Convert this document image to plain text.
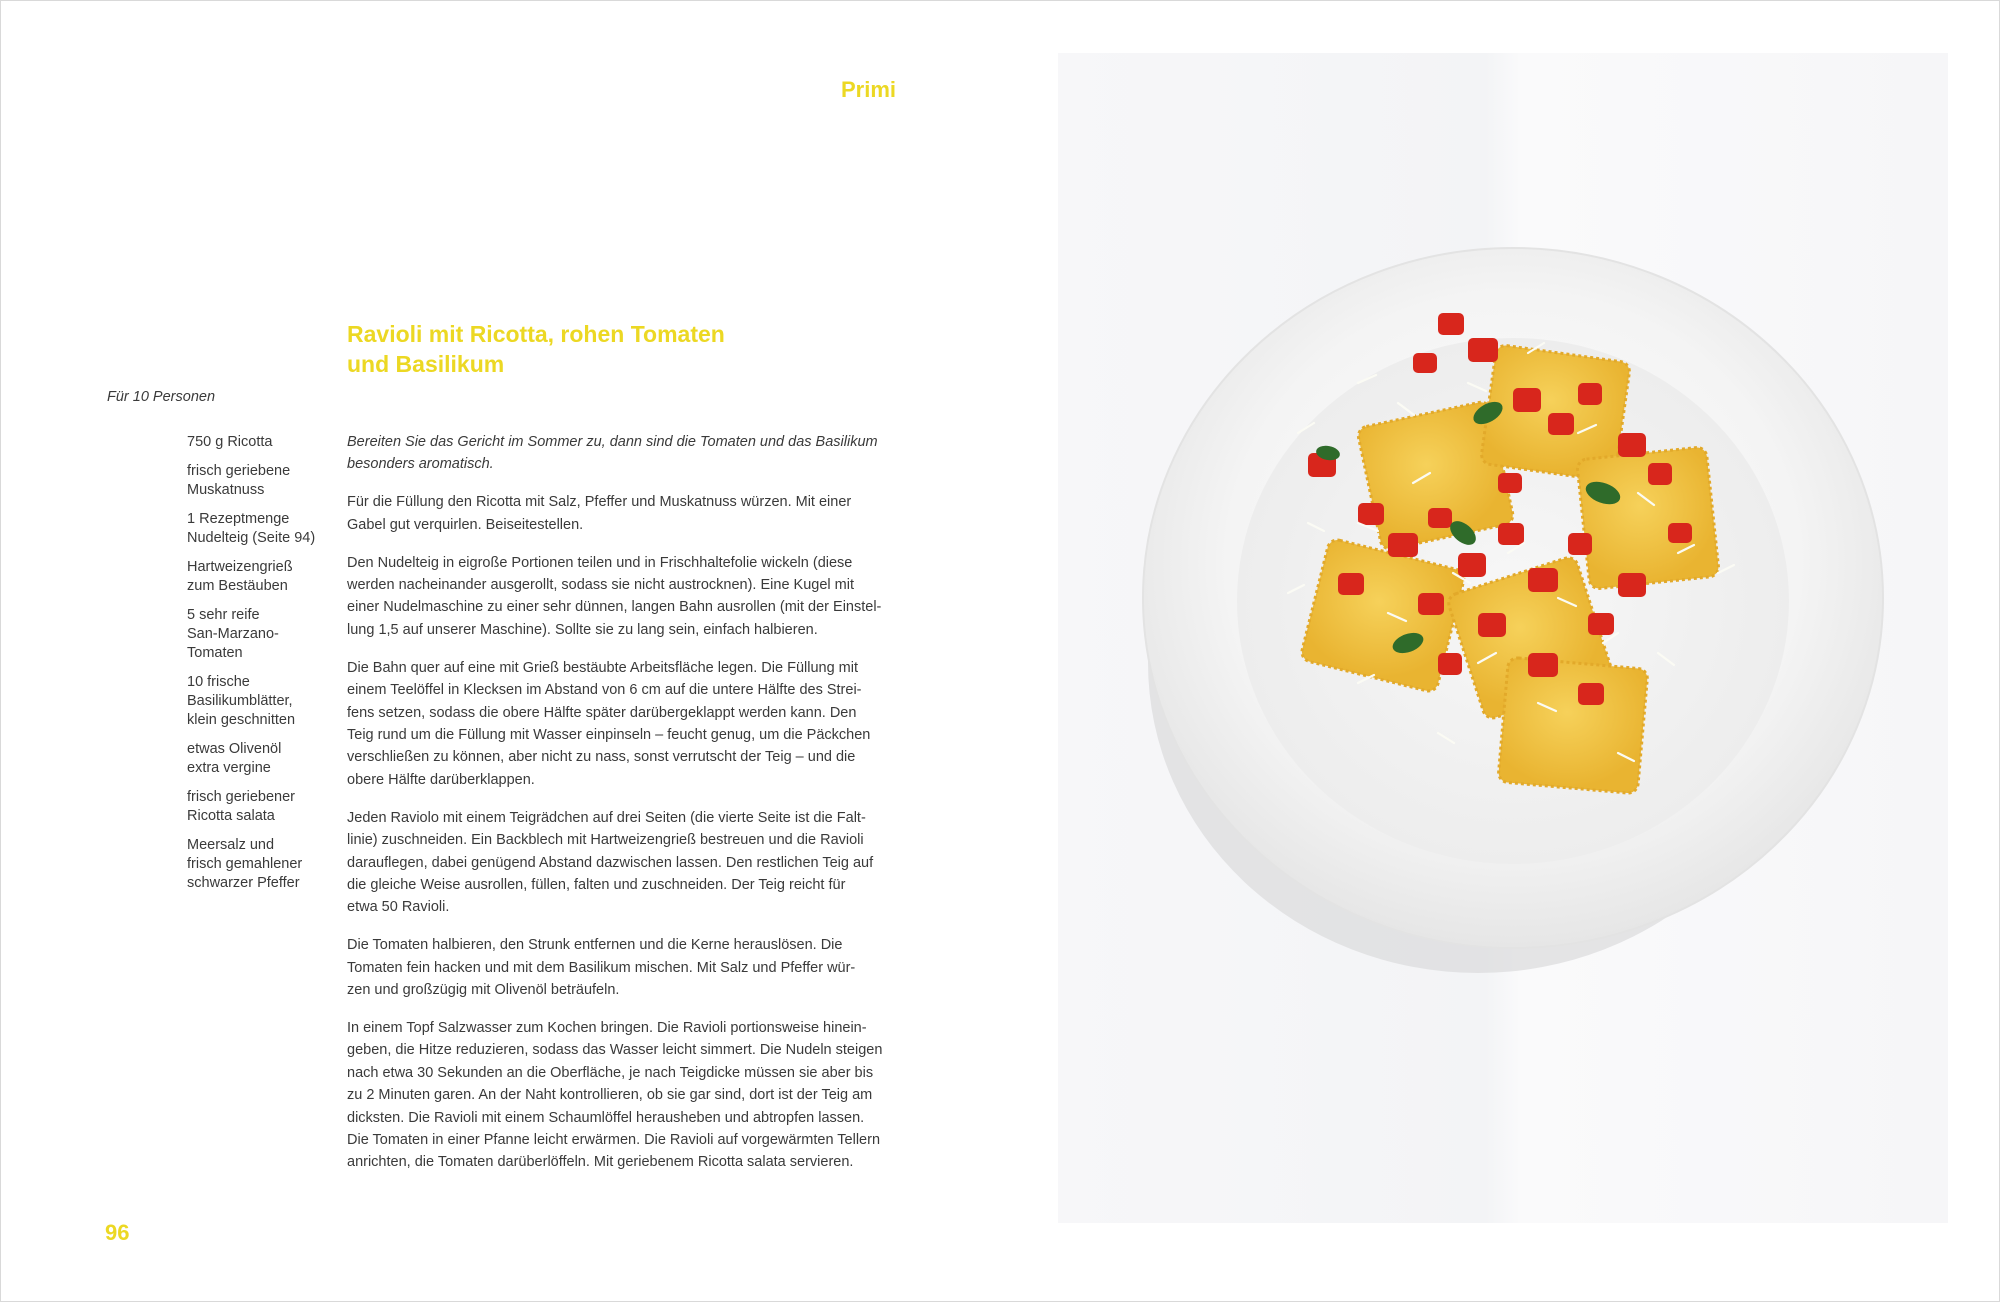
Primi
Ravioli mit Ricotta, rohen Tomaten
und Basilikum
Für 10 Personen
750 g Ricotta
frisch geriebene
Muskatnuss
1 Rezeptmenge
Nudelteig (Seite 94)
Hartweizengrieß
zum Bestäuben
5 sehr reife
San-Marzano-
Tomaten
10 frische
Basilikumblätter,
klein geschnitten
etwas Olivenöl
extra vergine
frisch geriebener
Ricotta salata
Meersalz und
frisch gemahlener
schwarzer Pfeffer

Bereiten Sie das Gericht im Sommer zu, dann sind die Tomaten und das Basilikum
besonders aromatisch.

Für die Füllung den Ricotta mit Salz, Pfeffer und Muskatnuss würzen. Mit einer
Gabel gut verquirlen. Beiseitestellen.

Den Nudelteig in eigroße Portionen teilen und in Frischhaltefolie wickeln (diese
werden nacheinander ausgerollt, sodass sie nicht austrocknen). Eine Kugel mit
einer Nudelmaschine zu einer sehr dünnen, langen Bahn ausrollen (mit der Einstel-
lung 1,5 auf unserer Maschine). Sollte sie zu lang sein, einfach halbieren.

Die Bahn quer auf eine mit Grieß bestäubte Arbeitsfläche legen. Die Füllung mit
einem Teelöffel in Klecksen im Abstand von 6 cm auf die untere Hälfte des Strei-
fens setzen, sodass die obere Hälfte später darübergeklappt werden kann. Den
Teig rund um die Füllung mit Wasser einpinseln – feucht genug, um die Päckchen
verschließen zu können, aber nicht zu nass, sonst verrutscht der Teig – und die
obere Hälfte darüberklappen.

Jeden Raviolo mit einem Teigrädchen auf drei Seiten (die vierte Seite ist die Falt-
linie) zuschneiden. Ein Backblech mit Hartweizengrieß bestreuen und die Ravioli
darauflegen, dabei genügend Abstand dazwischen lassen. Den restlichen Teig auf
die gleiche Weise ausrollen, füllen, falten und zuschneiden. Der Teig reicht für
etwa 50 Ravioli.

Die Tomaten halbieren, den Strunk entfernen und die Kerne herauslösen. Die
Tomaten fein hacken und mit dem Basilikum mischen. Mit Salz und Pfeffer wür-
zen und großzügig mit Olivenöl beträufeln.

In einem Topf Salzwasser zum Kochen bringen. Die Ravioli portionsweise hinein-
geben, die Hitze reduzieren, sodass das Wasser leicht simmert. Die Nudeln steigen
nach etwa 30 Sekunden an die Oberfläche, je nach Teigdicke müssen sie aber bis
zu 2 Minuten garen. An der Naht kontrollieren, ob sie gar sind, dort ist der Teig am
dicksten. Die Ravioli mit einem Schaumlöffel herausheben und abtropfen lassen.
Die Tomaten in einer Pfanne leicht erwärmen. Die Ravioli auf vorgewärmten Tellern
anrichten, die Tomaten darüberlöffeln. Mit geriebenem Ricotta salata servieren.

96
